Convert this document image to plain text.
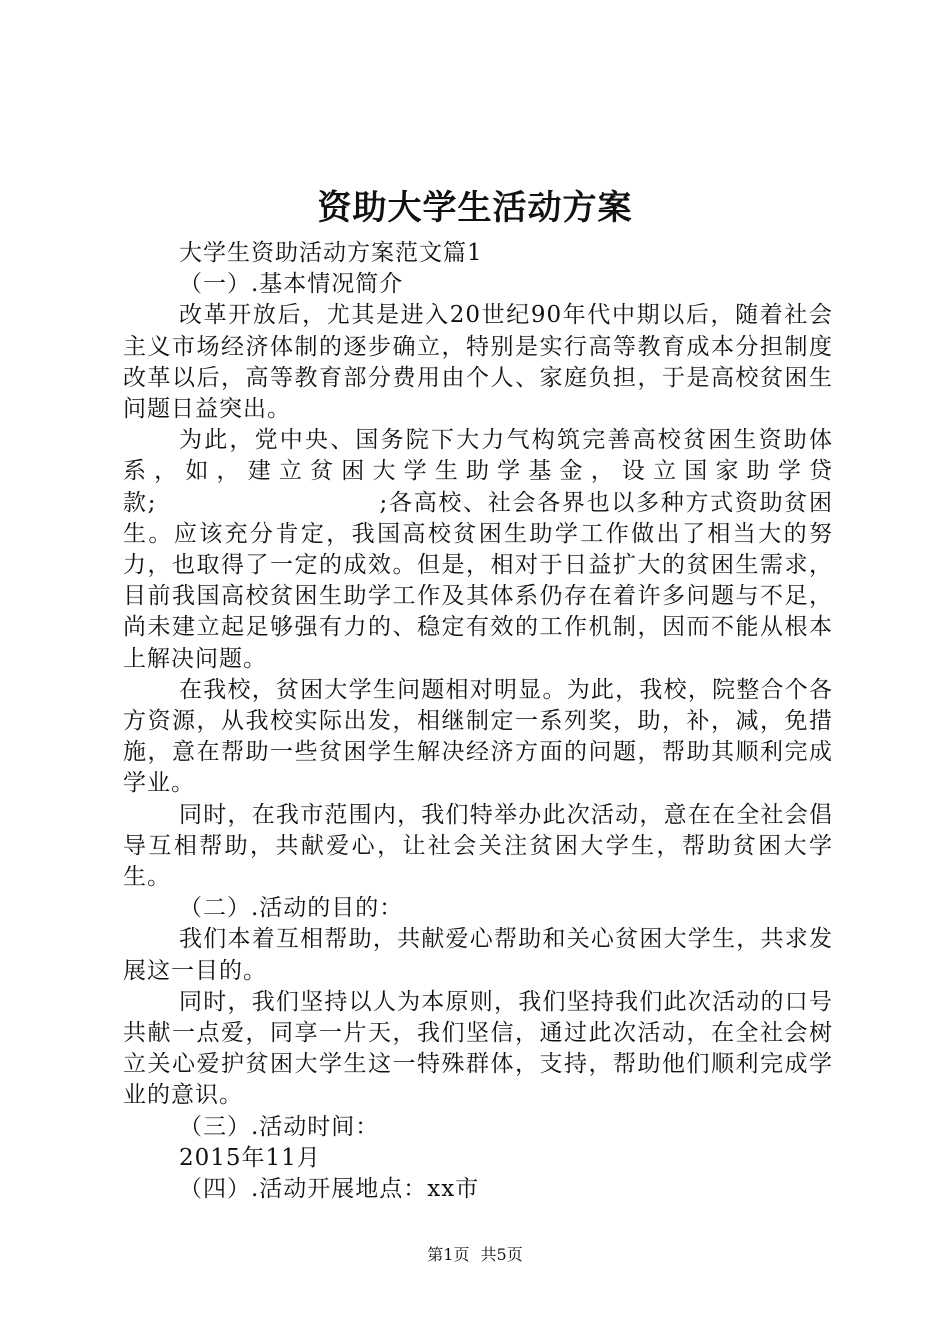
资助大学生活动方案

大学生资助活动方案范文篇1

（一）.基本情况简介

改革开放后，尤其是进入20世纪90年代中期以后，随着社会主义市场经济体制的逐步确立，特别是实行高等教育成本分担制度改革以后，高等教育部分费用由个人、家庭负担，于是高校贫困生问题日益突出。

为此，党中央、国务院下大力气构筑完善高校贫困生资助体系，如，建立贫困大学生助学基金，设立国家助学贷款;　　　　　　　　　;各高校、社会各界也以多种方式资助贫困生。应该充分肯定，我国高校贫困生助学工作做出了相当大的努力，也取得了一定的成效。但是，相对于日益扩大的贫困生需求，目前我国高校贫困生助学工作及其体系仍存在着许多问题与不足，尚未建立起足够强有力的、稳定有效的工作机制，因而不能从根本上解决问题。

在我校，贫困大学生问题相对明显。为此，我校，院整合个各方资源，从我校实际出发，相继制定一系列奖，助，补，减，免措施，意在帮助一些贫困学生解决经济方面的问题，帮助其顺利完成学业。

同时，在我市范围内，我们特举办此次活动，意在在全社会倡导互相帮助，共献爱心，让社会关注贫困大学生，帮助贫困大学生。

（二）.活动的目的：

我们本着互相帮助，共献爱心帮助和关心贫困大学生，共求发展这一目的。

同时，我们坚持以人为本原则，我们坚持我们此次活动的口号共献一点爱，同享一片天，我们坚信，通过此次活动，在全社会树立关心爱护贫困大学生这一特殊群体，支持，帮助他们顺利完成学业的意识。

（三）.活动时间：

2015年11月

（四）.活动开展地点：xx市

第1页 共5页
